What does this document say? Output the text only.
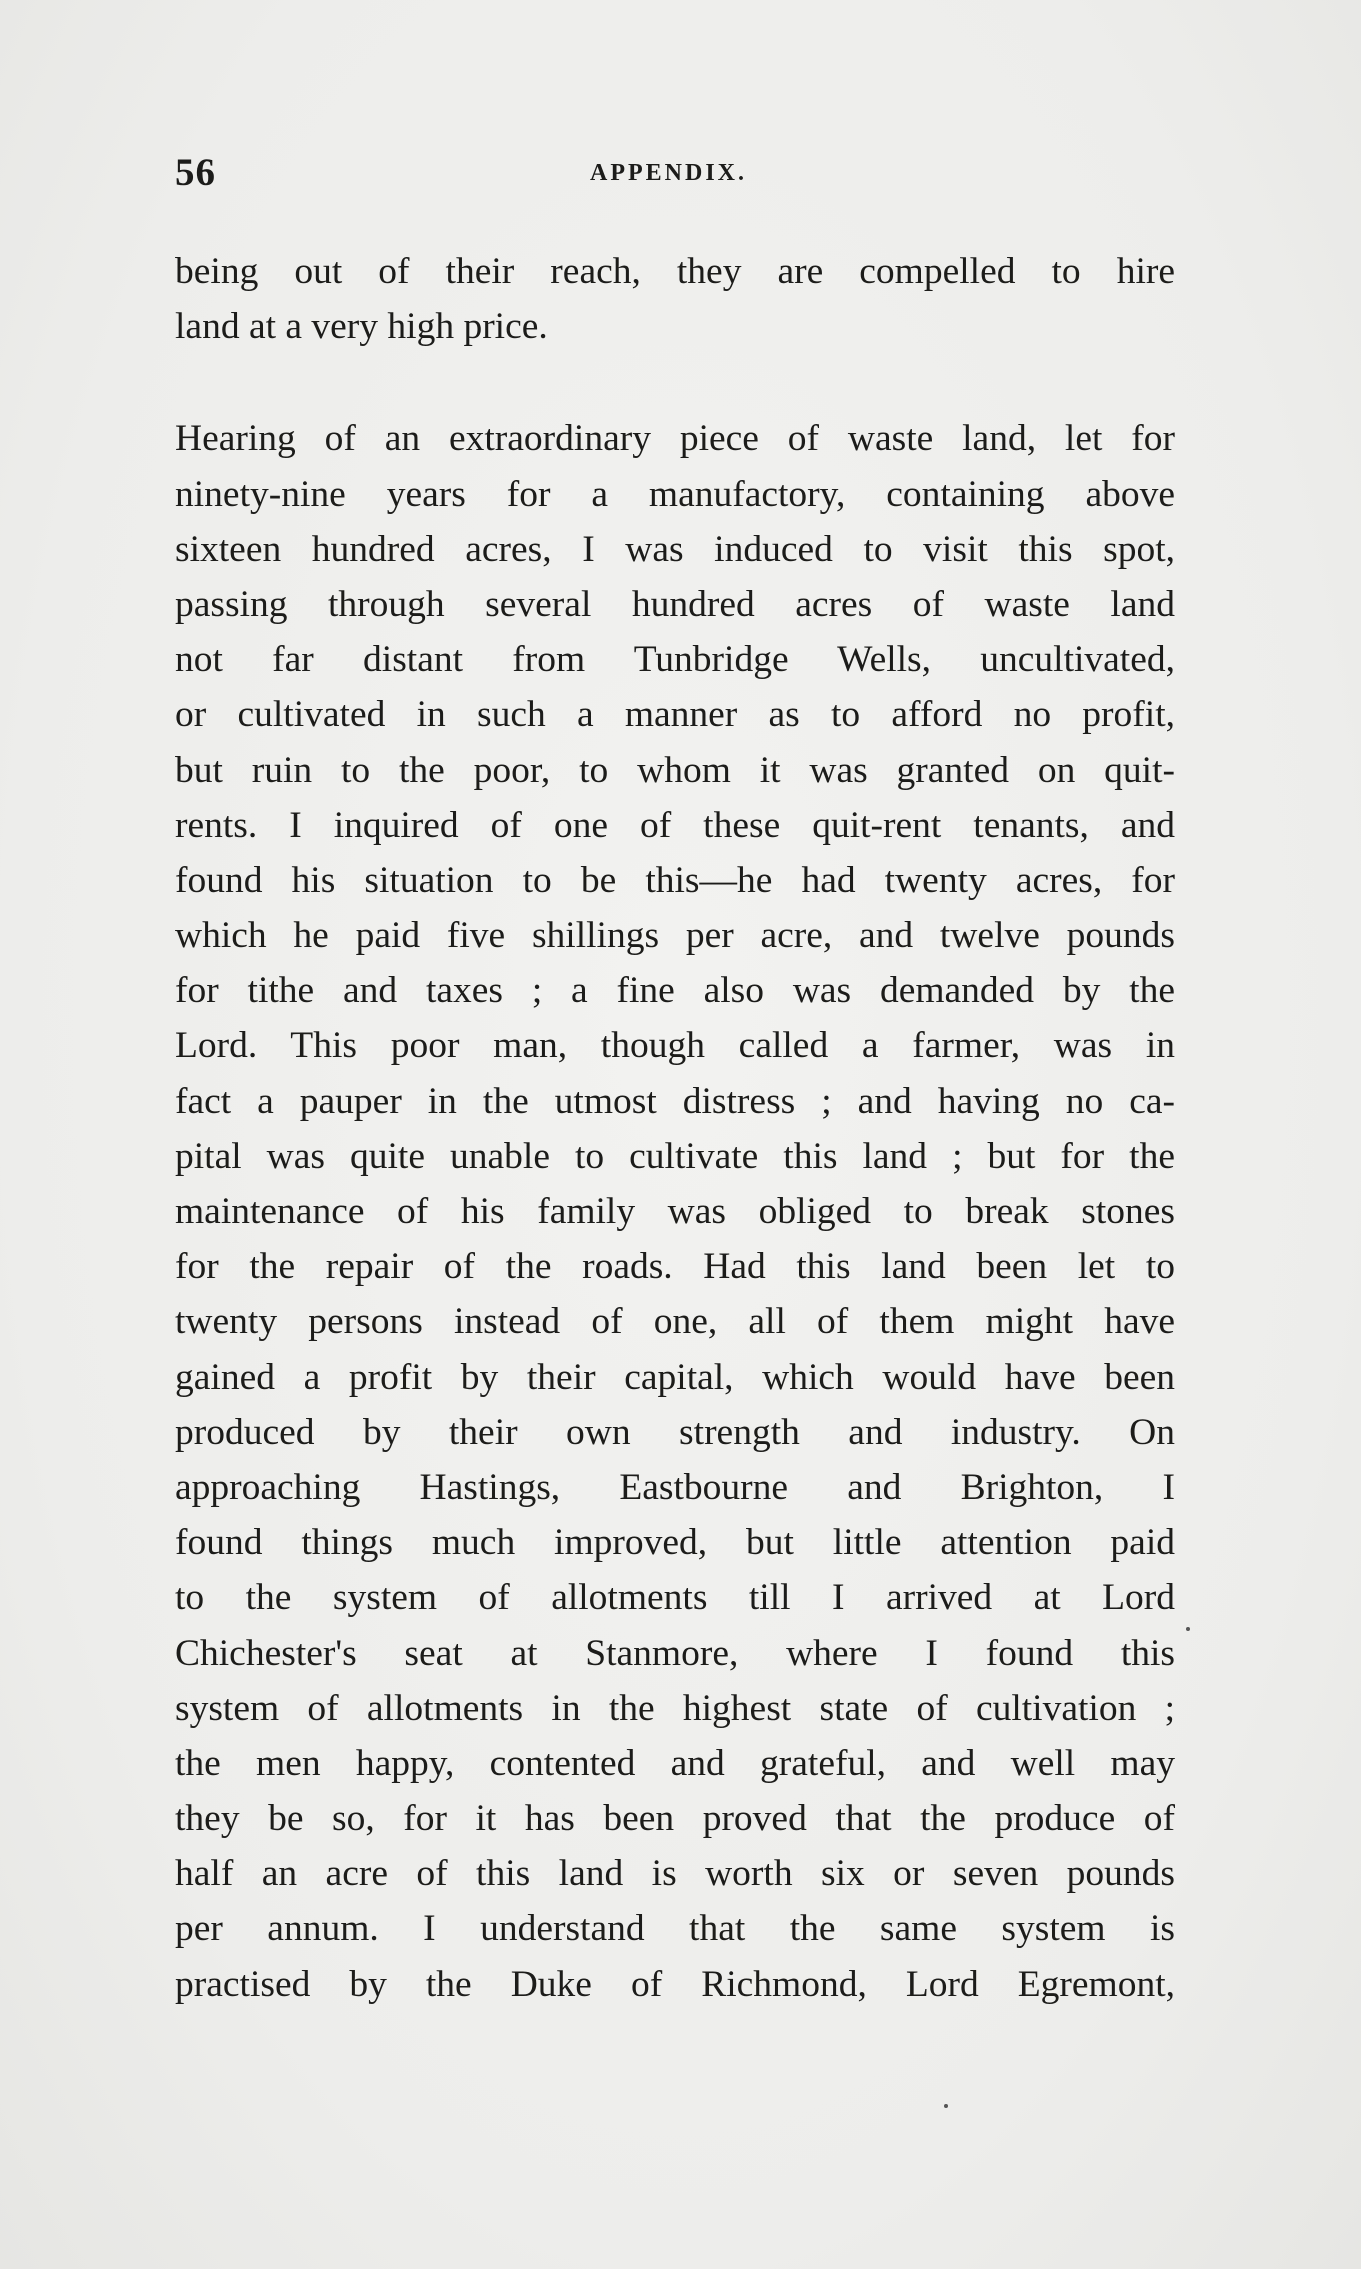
56	APPENDIX.
being out of their reach, they are compelled to hire
land at a very high price.
Hearing of an extraordinary piece of waste land, let for
ninety-nine years for a manufactory, containing above
sixteen hundred acres, I was induced to visit this spot,
passing through several hundred acres of waste land
not far distant from Tunbridge Wells, uncultivated,
or cultivated in such a manner as to afford no profit,
but ruin to the poor, to whom it was granted on quit-
rents. I inquired of one of these quit-rent tenants, and
found his situation to be this—he had twenty acres, for
which he paid five shillings per acre, and twelve pounds
for tithe and taxes ; a fine also was demanded by the
Lord. This poor man, though called a farmer, was in
fact a pauper in the utmost distress ; and having no ca-
pital was quite unable to cultivate this land ; but for the
maintenance of his family was obliged to break stones
for the repair of the roads. Had this land been let to
twenty persons instead of one, all of them might have
gained a profit by their capital, which would have been
produced by their own strength and industry. On
approaching Hastings, Eastbourne and Brighton, I
found things much improved, but little attention paid
to the system of allotments till I arrived at Lord
Chichester's seat at Stanmore, where I found this
system of allotments in the highest state of cultivation ;
the men happy, contented and grateful, and well may
they be so, for it has been proved that the produce of
half an acre of this land is worth six or seven pounds
per annum. I understand that the same system is
practised by the Duke of Richmond, Lord Egremont,
